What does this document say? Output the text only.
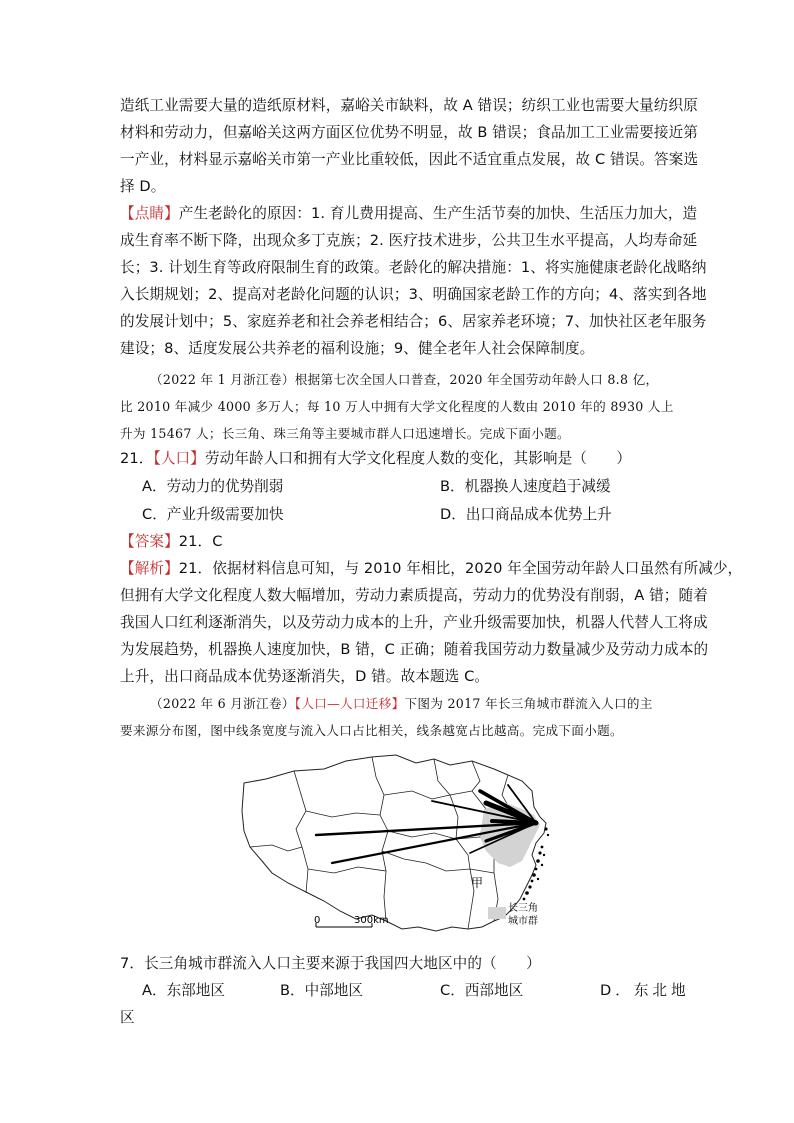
造纸工业需要大量的造纸原材料，嘉峪关市缺料，故 A 错误；纺织工业也需要大量纺织原
材料和劳动力，但嘉峪关这两方面区位优势不明显，故 B 错误；食品加工工业需要接近第
一产业，材料显示嘉峪关市第一产业比重较低，因此不适宜重点发展，故 C 错误。答案选
择 D。
【点睛】产生老龄化的原因：1. 育儿费用提高、生产生活节奏的加快、生活压力加大，造
成生育率不断下降，出现众多丁克族；2. 医疗技术进步，公共卫生水平提高，人均寿命延
长；3. 计划生育等政府限制生育的政策。老龄化的解决措施：1、将实施健康老龄化战略纳
入长期规划；2、提高对老龄化问题的认识；3、明确国家老龄工作的方向；4、落实到各地
的发展计划中；5、家庭养老和社会养老相结合；6、居家养老环境；7、加快社区老年服务
建设；8、适度发展公共养老的福利设施；9、健全老年人社会保障制度。
（2022 年 1 月浙江卷）根据第七次全国人口普查，2020 年全国劳动年龄人口 8.8 亿，
比 2010 年减少 4000 多万人；每 10 万人中拥有大学文化程度的人数由 2010 年的 8930 人上
升为 15467 人；长三角、珠三角等主要城市群人口迅速增长。完成下面小题。
21．【人口】劳动年龄人口和拥有大学文化程度人数的变化，其影响是（　　）
A．劳动力的优势削弱	B．机器换人速度趋于减缓
C．产业升级需要加快	D．出口商品成本优势上升
【答案】21．C
【解析】21．依据材料信息可知，与 2010 年相比，2020 年全国劳动年龄人口虽然有所减少，
但拥有大学文化程度人数大幅增加，劳动力素质提高，劳动力的优势没有削弱，A 错；随着
我国人口红利逐渐消失，以及劳动力成本的上升，产业升级需要加快，机器人代替人工将成
为发展趋势，机器换人速度加快，B 错，C 正确；随着我国劳动力数量减少及劳动力成本的
上升，出口商品成本优势逐渐消失，D 错。故本题选 C。
（2022 年 6 月浙江卷）【人口—人口迁移】下图为 2017 年长三角城市群流入人口的主
要来源分布图，图中线条宽度与流入人口占比相关，线条越宽占比越高。完成下面小题。
甲
0	300km
长三角
城市群
7．长三角城市群流入人口主要来源于我国四大地区中的（　　）
A．东部地区	B．中部地区	C．西部地区	D．东北地
区
